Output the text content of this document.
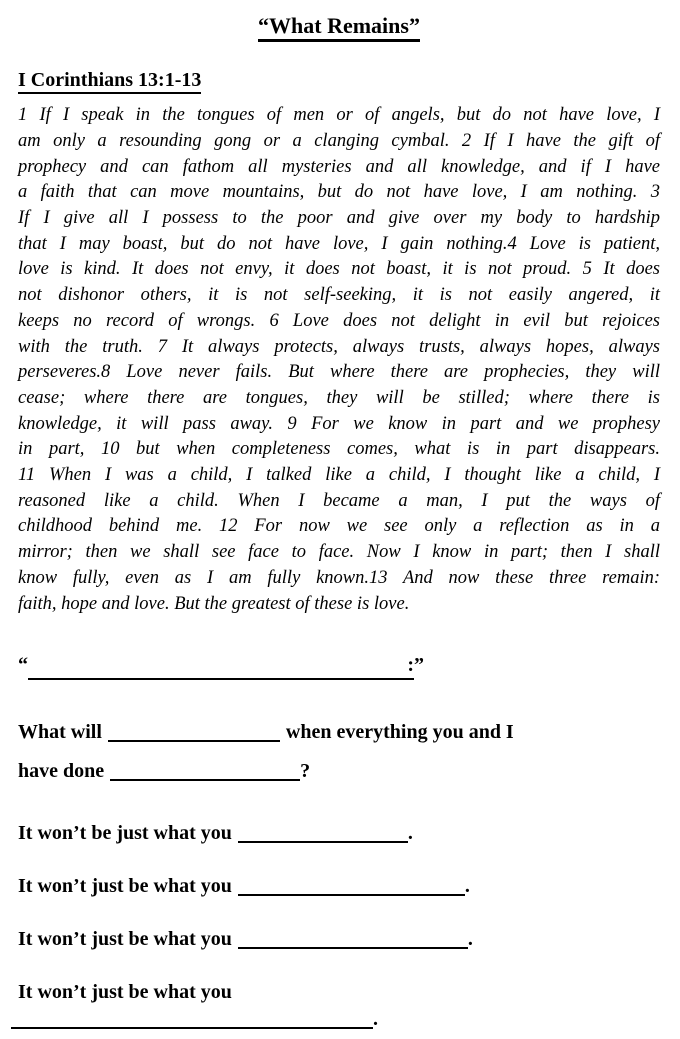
“What Remains”
I Corinthians 13:1-13
1 If I speak in the tongues of men or of angels, but do not have love, I
am only a resounding gong or a clanging cymbal. 2 If I have the gift of
prophecy and can fathom all mysteries and all knowledge, and if I have
a faith that can move mountains, but do not have love, I am nothing. 3
If I give all I possess to the poor and give over my body to hardship
that I may boast, but do not have love, I gain nothing.4 Love is patient,
love is kind. It does not envy, it does not boast, it is not proud. 5 It does
not dishonor others, it is not self-seeking, it is not easily angered, it
keeps no record of wrongs. 6 Love does not delight in evil but rejoices
with the truth. 7 It always protects, always trusts, always hopes, always
perseveres.8 Love never fails. But where there are prophecies, they will
cease; where there are tongues, they will be stilled; where there is
knowledge, it will pass away. 9 For we know in part and we prophesy
in part, 10 but when completeness comes, what is in part disappears.
11 When I was a child, I talked like a child, I thought like a child, I
reasoned like a child. When I became a man, I put the ways of
childhood behind me. 12 For now we see only a reflection as in a
mirror; then we shall see face to face. Now I know in part; then I shall
know fully, even as I am fully known.13 And now these three remain:
faith, hope and love. But the greatest of these is love.
“	:”
What will	when everything you and I
have done	?
It won’t be just what you	.
It won’t just be what you	.
It won’t just be what you	.
It won’t just be what you
.
